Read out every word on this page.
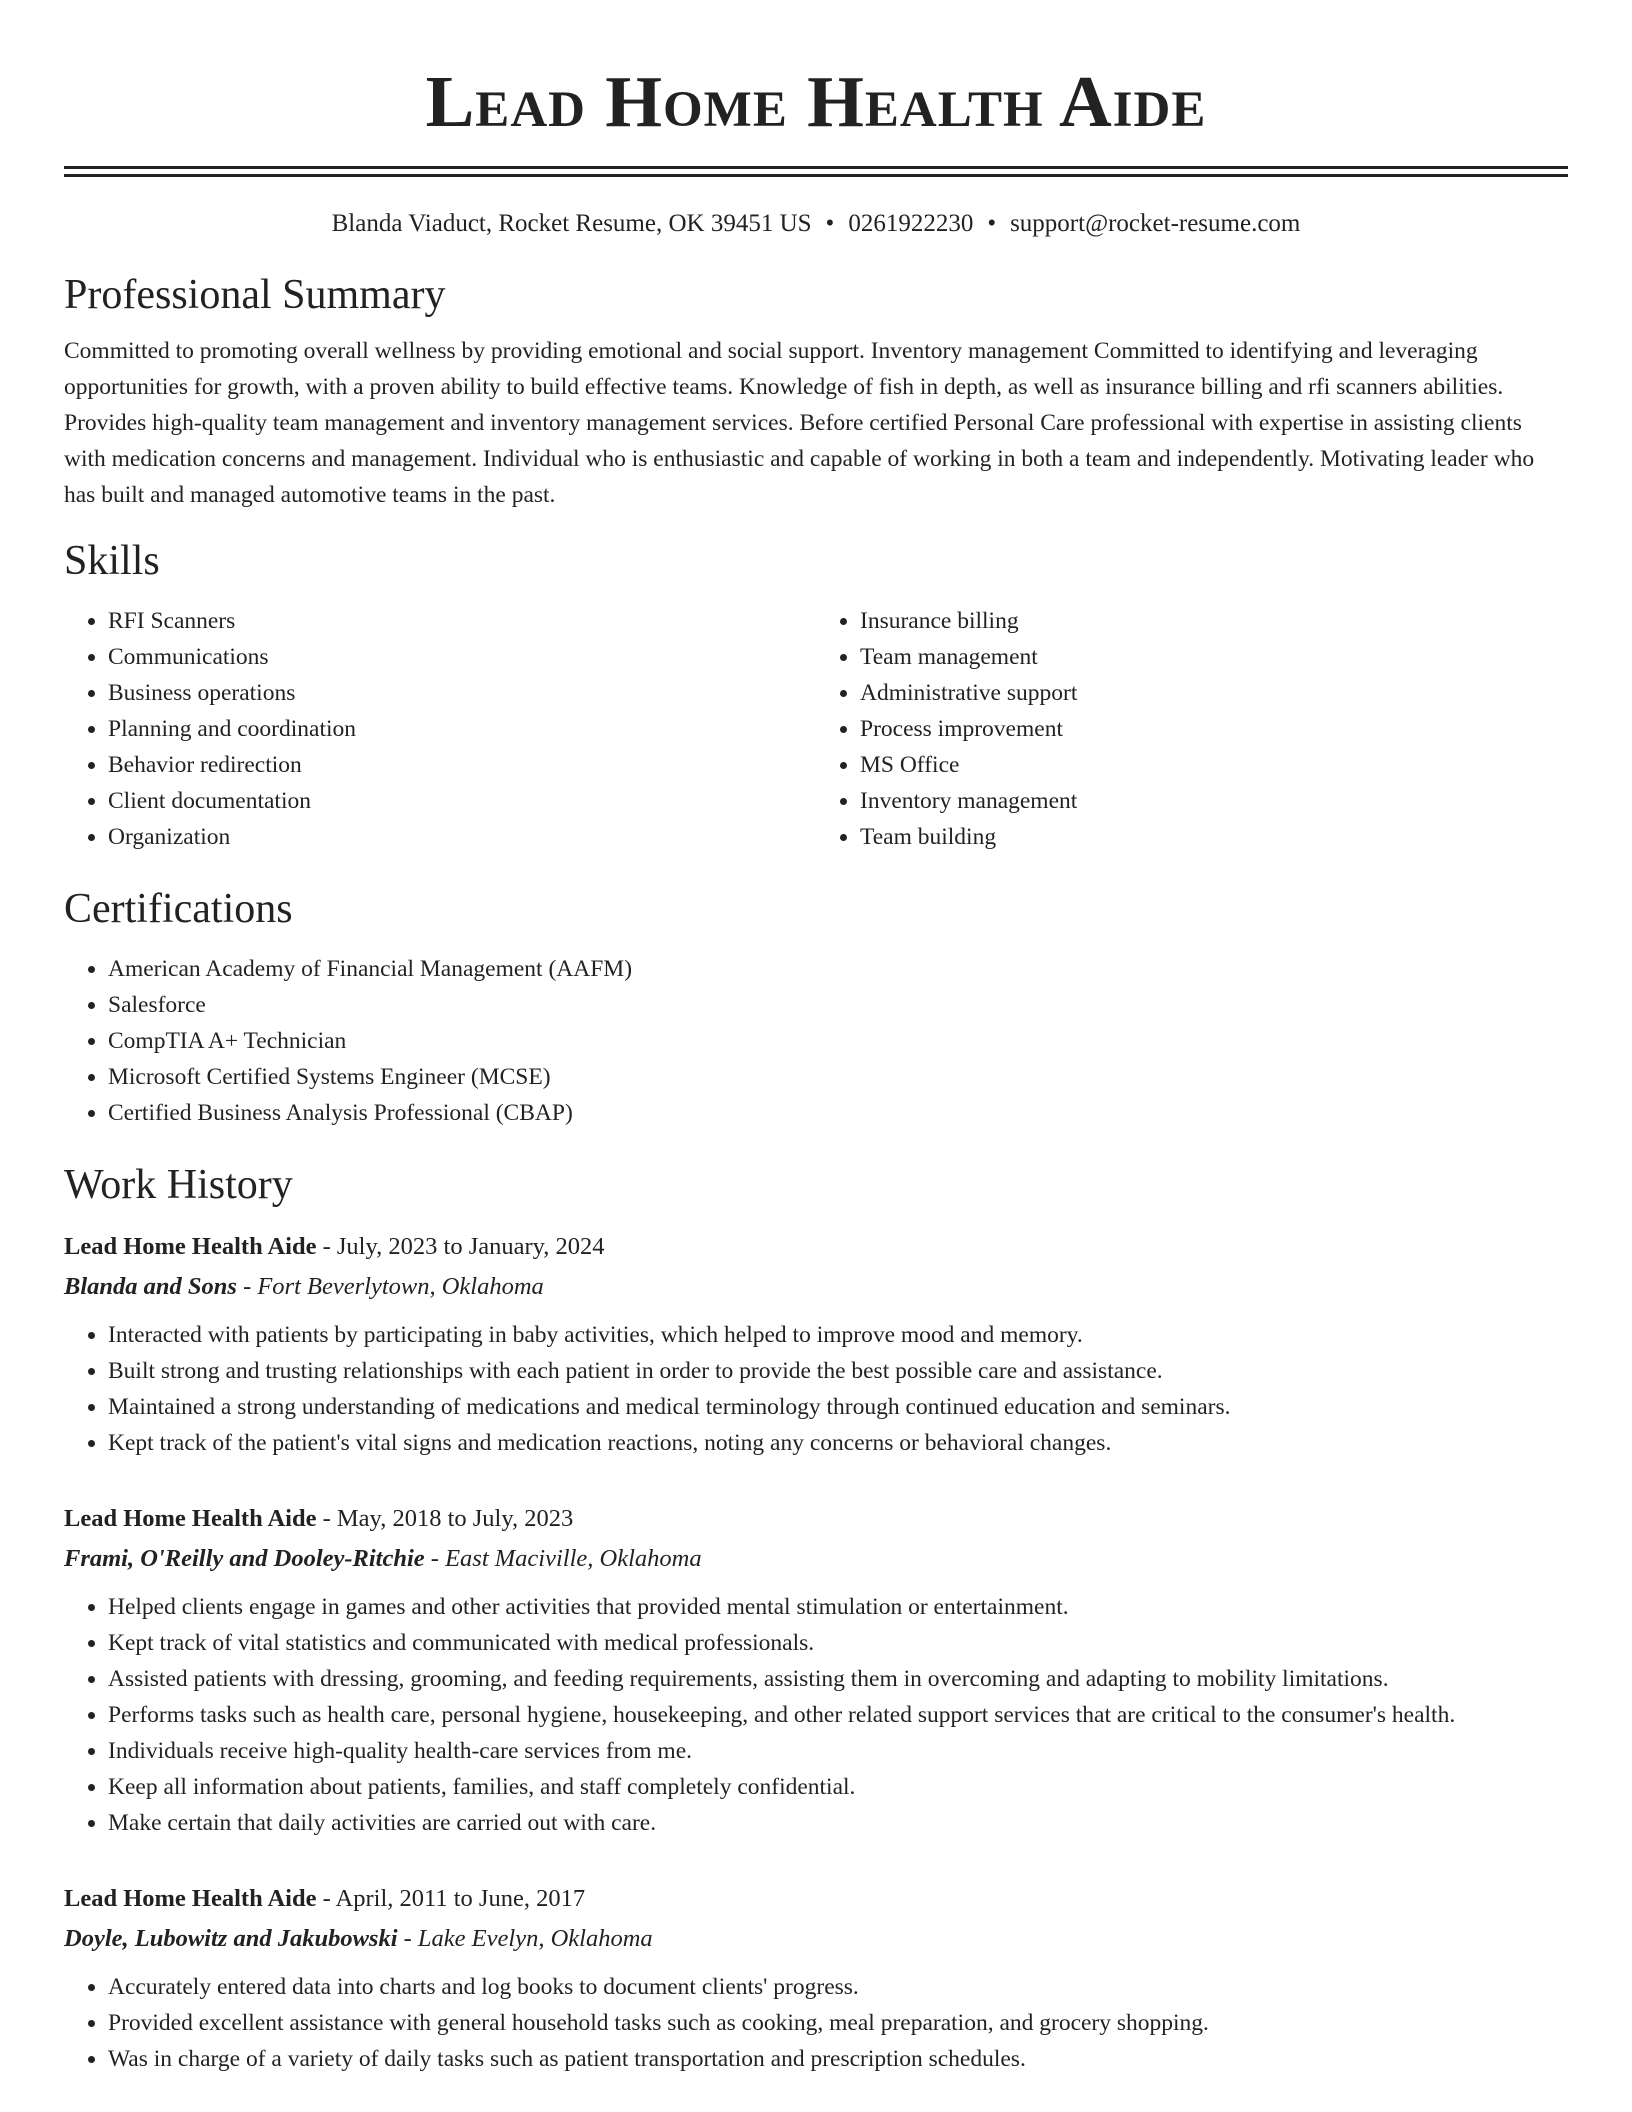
Lead Home Health Aide
Blanda Viaduct, Rocket Resume, OK 39451 US • 0261922230 • support@rocket-resume.com
Professional Summary
Committed to promoting overall wellness by providing emotional and social support. Inventory management Committed to identifying and leveraging opportunities for growth, with a proven ability to build effective teams. Knowledge of fish in depth, as well as insurance billing and rfi scanners abilities. Provides high-quality team management and inventory management services. Before certified Personal Care professional with expertise in assisting clients with medication concerns and management. Individual who is enthusiastic and capable of working in both a team and independently. Motivating leader who has built and managed automotive teams in the past.
Skills
• RFI Scanners
• Communications
• Business operations
• Planning and coordination
• Behavior redirection
• Client documentation
• Organization
• Insurance billing
• Team management
• Administrative support
• Process improvement
• MS Office
• Inventory management
• Team building
Certifications
• American Academy of Financial Management (AAFM)
• Salesforce
• CompTIA A+ Technician
• Microsoft Certified Systems Engineer (MCSE)
• Certified Business Analysis Professional (CBAP)
Work History
Lead Home Health Aide - July, 2023 to January, 2024
Blanda and Sons - Fort Beverlytown, Oklahoma
• Interacted with patients by participating in baby activities, which helped to improve mood and memory.
• Built strong and trusting relationships with each patient in order to provide the best possible care and assistance.
• Maintained a strong understanding of medications and medical terminology through continued education and seminars.
• Kept track of the patient's vital signs and medication reactions, noting any concerns or behavioral changes.
Lead Home Health Aide - May, 2018 to July, 2023
Frami, O'Reilly and Dooley-Ritchie - East Maciville, Oklahoma
• Helped clients engage in games and other activities that provided mental stimulation or entertainment.
• Kept track of vital statistics and communicated with medical professionals.
• Assisted patients with dressing, grooming, and feeding requirements, assisting them in overcoming and adapting to mobility limitations.
• Performs tasks such as health care, personal hygiene, housekeeping, and other related support services that are critical to the consumer's health.
• Individuals receive high-quality health-care services from me.
• Keep all information about patients, families, and staff completely confidential.
• Make certain that daily activities are carried out with care.
Lead Home Health Aide - April, 2011 to June, 2017
Doyle, Lubowitz and Jakubowski - Lake Evelyn, Oklahoma
• Accurately entered data into charts and log books to document clients' progress.
• Provided excellent assistance with general household tasks such as cooking, meal preparation, and grocery shopping.
• Was in charge of a variety of daily tasks such as patient transportation and prescription schedules.
